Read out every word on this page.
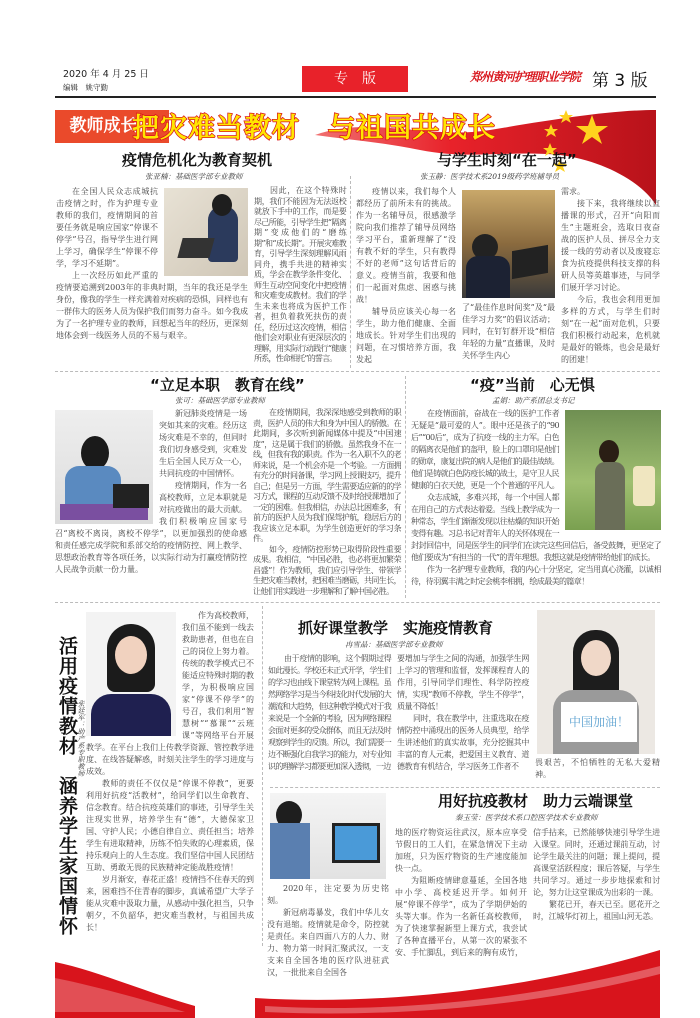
2020 年 4 月 25 日
编辑　姚守勤
专　版	郑州黄河护理职业学院 第 3 版
教师成长记
把灾难当教材　与祖国共成长
疫情危机化为教育契机
张亚楠：基础医学部专业教师

在全国人民众志成城抗击疫情之时，作为护理专业教师的我们，疫情期间的首要任务就是响应国家“停课不停学”号召，指导学生进行网上学习，确保学生“停课不停学，学习不延期”。

上一次经历如此严重的疫情要追溯到2003年的非典时期，当年的我还是学生身份，像我的学生一样充满着对疾病的恐惧，同样也有一群伟大的医务人员为保护我们而努力奋斗。如今我成为了一名护理专业的教师，回想起当年的经历，更深刻地体会到一线医务人员的不易与艰辛。

因此，在这个特殊时期，我们不能因为无法返校就放下手中的工作，而是要尽己所能，引导学生把“隔离期”变成他们的“磨练期”和“成长期”。开展灾难教育，引导学生深刻理解风雨同舟，携手共进的精神实质，学会在教学条件变化、师生互动空间变化中把疫情和灾难变成教材。我们的学生未来也将成为医护工作者，担负着救死扶伤的责任，经历过这次疫情，相信他们会对职业有更深层次的理解，用实际行动践行“健康所系，性命相托”的誓言。

与学生时刻“在一起”
张玉静：医学技术系2019级药学班辅导员

疫情以来，我们每个人都经历了前所未有的挑战。作为一名辅导员，很感激学院向我们推荐了辅导员网络学习平台，重新理解了“没有教不好的学生，只有教得不好的老师”这句话背后的意义。疫情当前，我要和他们一起面对焦虑、困惑与挑战！

辅导员应该关心每一名学生，助力他们健康、全面地成长。针对学生们出现的问题，在习惯培养方面，我发起

了“最佳作息时间奖”及“最佳学习力奖”的倡议活动；同时，在钉钉群开设“相信年轻的力量”直播课，及时关怀学生内心

需求。

接下来，我将继续以直播课的形式，召开“向阳而生”主题班会，选取日夜奋战的医护人员、拼尽全力支援一线的劳动者以及废寝忘食为抗疫提供科技支撑的科研人员等英雄事迹，与同学们展开学习讨论。

今后，我也会利用更加多样的方式，与学生们时刻“在一起”面对危机，只要我们积极行动起来，危机就是最好的锻炼，也会是最好的团建！

“立足本职　教育在线”
张可：基础医学部专业教师

新冠肺炎疫情是一场突如其来的灾难。经历这场灾难是不幸的，但同时我们切身感受到，灾难发生后全国人民万众一心，共同抗疫的中国情怀。

疫情期间，作为一名高校教师，立足本职就是对抗疫做出的最大贡献。我们积极响应国家号召“离校不离岗，离校不停学”，以更加强烈的使命感和责任感完成学院和系部交给的疫情防控、网上教学、思想政治教育等各项任务，以实际行动为打赢疫情防控人民战争贡献一份力量。

在疫情期间，我深深地感受到教师的职责，医护人员的伟大和身为中国人的骄傲。在此期间，多次听到新闻媒体中提及“中国速度”，这是属于我们的骄傲。虽然我身不在一线，但我有我的职责。作为一名入职不久的老师来说，是一个机会亦是一个考验。一方面拥有充分的时间备课，学习网上授课技巧，提升自己；但是另一方面，学生需要适应新的的学习方式，课程的互动反馈不及时给授课增加了一定的困难。但我相信，办法总比困难多，有前方的医护人员为我们保驾护航，稳居后方的我应该立足本职，为学生创造更好的学习条件。

如今，疫情防控形势已取得阶段性重要成果。我相信，“中国必胜，也必将更加繁荣昌盛”！作为教师，我们应引导学生、带领学生把灾难当教材，把困难当磨砺，共同生长，让他们用实践进一步理解和了解中国必胜。

“疫”当前　心无惧
孟娟：助产系团总支书记

在疫情面前，奋战在一线的医护工作者无疑是“最可爱的人”。眼中还是孩子的“90后”“00后”，成为了抗疫一线的主力军。白色的隔离衣是他们的盔甲，脸上的口罩印是他们的勋章，康复出院的病人是他们的最佳战绩。他们是铸就白色防疫长城的战士，是守卫人民健康的白衣天使，更是一个个普通的平凡人。

众志成城，多难兴邦，每一个中国人都在用自己的方式表达着爱。当线上教学成为一种常态，学生们渐渐发现以往枯燥的知识开始变得有趣。习总书记对青年人的关怀体现在一封封回信中，同是医学生的同学们在读完这些回信后，备受鼓舞，更坚定了他们要成为“有担当的一代”的青年理想。我想这就是疫情带给他们的成长。

作为一名护理专业教师，我的内心十分坚定，定当用真心浇灌，以诚相待，待羽翼丰满之时定会桃李相拥，绘成最美的篇章！

活用疫情教材
涵养学生家国情怀
张廷军：助产系专职教师

作为高校教师，我们虽不能到一线去救助患者，但也在自己的岗位上努力着。传统的教学模式已不能适应特殊时期的教学，为积极响应国家“停课不停学”的号召，我们利用“智慧树”“慕课”“云班课”等网络平台开展教学。在平台上我们上传教学资源、管控教学进度、在线答疑解惑，时刻关注学生的学习进度与成效。

教师的责任不仅仅是“停课不停教”，更要利用好抗疫“活教材”，给同学们以生命教育、信念教育。结合抗疫英雄们的事迹，引导学生关注现实世界，培养学生有“德”，大德保家卫国、守护人民；小德自律自立、责任担当；培养学生有进取精神，历练不怕失败的心理素质，保持乐观向上的人生态度。我们坚信中国人民团结互助、勇敢无畏的民族精神定能战胜疫情！

岁月渐安，春花正盛！疫情挡不住春天的到来，困难挡不住青春的脚步，真诚希望广大学子能从灾难中汲取力量，从感动中强化担当，只争朝夕，不负韶华，把灾难当教材，与祖国共成长！

抓好课堂教学　实施疫情教育
冉雪晶：基础医学部专业教师

由于疫情的影响，这个假期过得如此漫长。学校还未正式开学，学生们的学习也由线下课堂转为网上课程。虽然网络学习是当今科技化时代发展的大潮流和大趋势，但这种教学模式对于我来说是一个全新的考验，因为网络课程会面对更多的受众群体，而且无法及时观察到学生的反馈。所以，我们需要一边不断强化自我学习的能力，对专业知识的理解学习都要更加深入透彻，一边

要增加与学生之间的沟通，加强学生网上学习的管理和监督，发挥课程育人的作用，引导同学们理性、科学防控疫情，实现“教师不停教，学生不停学”，质量不降低！

同时，我在教学中，注重选取在疫情防控中涌现出的医务人员典型，给学生讲述他们的真实故事，充分挖掘其中丰富的育人元素，把爱国主义教育、道德教育有机结合，学习医务工作者不

中国加油！

畏艰苦，不怕牺牲的无私大爱精神。

2020年，注定要为历史铭刻。

新冠病毒暴发，我们中华儿女没有退缩。疫情就是命令，防控就是责任。来自四面八方的人力、财力、物力第一时间汇聚武汉，一支支来自全国各地的医疗队进驻武汉，一批批来自全国各

用好抗疫教材　助力云端课堂
秦玉莹：医学技术系口腔医学技术专业教师

地的医疗物资运往武汉，原本应享受节假日的工人们，在紧急情况下主动加班，只为医疗物资的生产速度能加快一点。

为阻断疫情肆意蔓延，全国各地中小学、高校延迟开学。如何开展“停课不停学”，成为了学期伊始的头等大事。作为一名新任高校教师，为了快速掌握新型上课方式，我尝试了各种直播平台，从第一次的紧张不安、手忙脚乱，到后来的胸有成竹，

信手拈来，已然能够快速引导学生进入课堂。同时，还通过课前互动，讨论学生最关注的问题；课上提问，提高课堂活跃程度；课后答疑，与学生共同学习。通过一步步地探索和讨论，努力让这堂课成为出彩的一课。

繁花已开，春天已至。愿花开之时，江城华灯初上，祖国山河无恙。
